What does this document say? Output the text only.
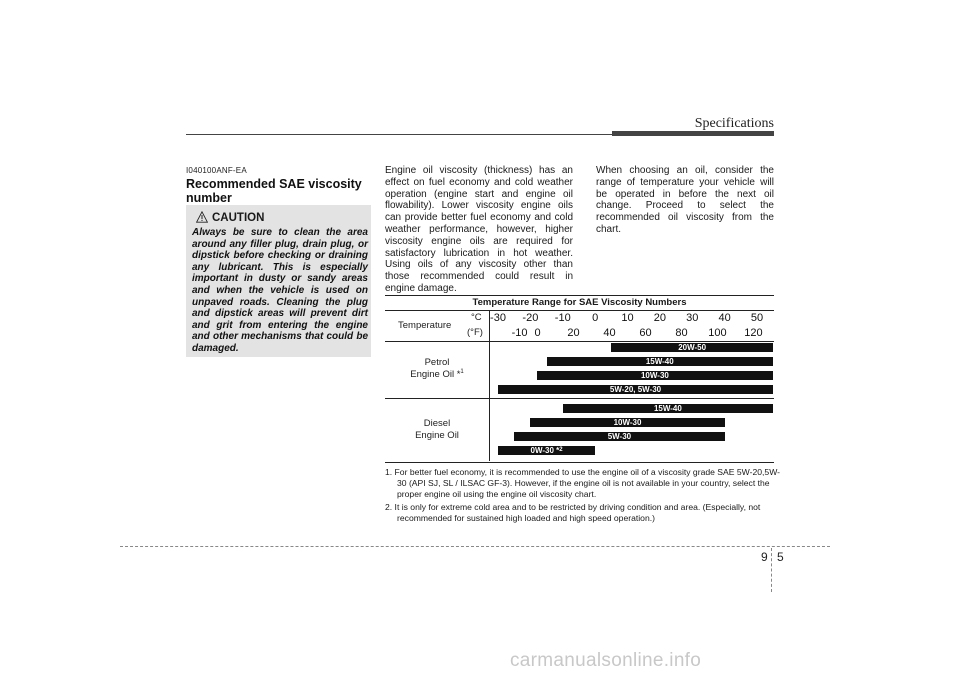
Specifications
I040100ANF-EA
Recommended SAE viscosity number
CAUTION
Always be sure to clean the area around any filler plug, drain plug, or dipstick before checking or draining any lubricant. This is especially important in dusty or sandy areas and when the vehicle is used on unpaved roads. Cleaning the plug and dipstick areas will prevent dirt and grit from entering the engine and other mechanisms that could be damaged.
Engine oil viscosity (thickness) has an effect on fuel economy and cold weather operation (engine start and engine oil flowability). Lower viscosity engine oils can provide better fuel economy and cold weather performance, however, higher viscosity engine oils are required for satisfactory lubrication in hot weather. Using oils of any viscosity other than those recommended could result in engine damage.
When choosing an oil, consider the range of temperature your vehicle will be operated in before the next oil change. Proceed to select the recommended oil viscosity from the chart.
Temperature Range for SAE Viscosity Numbers
Temperature
°C
(°F)
-30	-20	-10	0	10	20	30	40	50
-10 0	20	40	60	80	100	120
Petrol
Engine Oil *$^1$
Diesel
Engine Oil
20W-50
15W-40
10W-30
5W-20, 5W-30
15W-40
10W-30
5W-30
0W-30 *$^2$
1. For better fuel economy, it is recommended to use the engine oil of a viscosity grade SAE 5W-20,5W-30 (API SJ, SL / ILSAC GF-3). However, if the engine oil is not available in your country, select the proper engine oil using the engine oil viscosity chart.
2. It is only for extreme cold area and to be restricted by driving condition and area. (Especially, not recommended for sustained high loaded and high speed operation.)
9 5
carmanualsonline.info
